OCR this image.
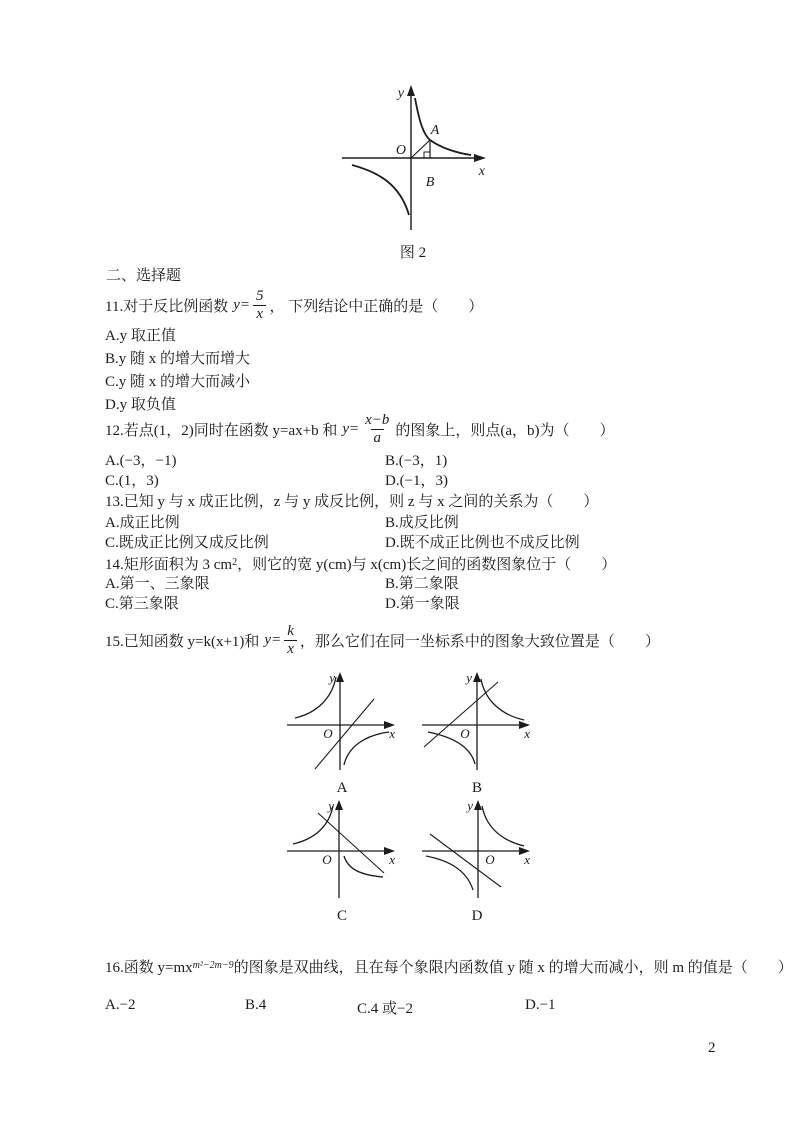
y
x
O
A
B
图 2
二、选择题
11.对于反比例函数 $y= \frac{5}{x}$ ， 下列结论中正确的是（　　）
A.y 取正值
B.y 随 x 的增大而增大
C.y 随 x 的增大而减小
D.y 取负值
12.若点(1，2)同时在函数 y=ax+b 和 $y= \frac{x-b}{a}$ 的图象上，则点(a，b)为（　　）
A.(−3，−1)	B.(−3，1)
C.(1，3)	D.(−1，3)
13.已知 y 与 x 成正比例，z 与 y 成反比例，则 z 与 x 之间的关系为（　　）
A.成正比例	B.成反比例
C.既成正比例又成反比例	D.既不成正比例也不成反比例
14.矩形面积为 3 cm 2 ，则它的宽 y(cm)与 x(cm)长之间的函数图象位于（　　）
A.第一、三象限	B.第二象限
C.第三象限	D.第一象限
15.已知函数 y=k(x+1)和 $y= \frac{k}{x}$ ，那么它们在同一坐标系中的图象大致位置是（　　）
y
x
O
A
y
x
O
B
y
x
O
C
y
x
O
D
16.函数 y=mx m²−2m−9 的图象是双曲线，且在每个象限内函数值 y 随 x 的增大而减小，则 m 的值是（　　）
A.−2	B.4	C.4 或−2	D.−1
2
